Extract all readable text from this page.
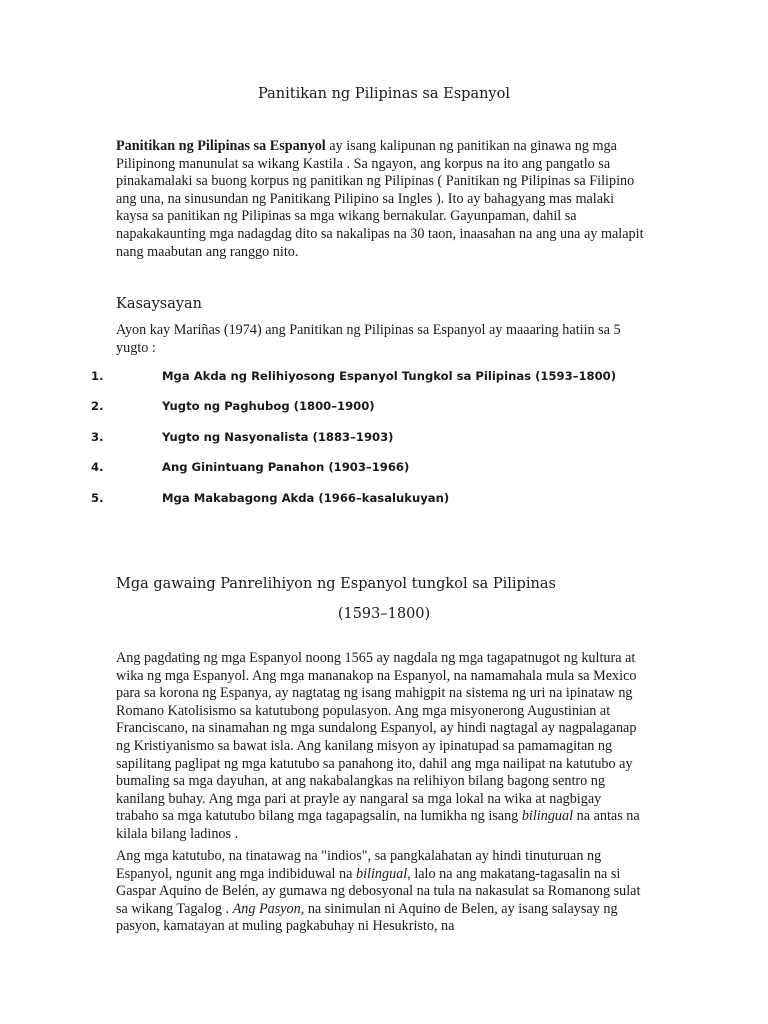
Panitikan ng Pilipinas sa Espanyol

Panitikan ng Pilipinas sa Espanyol ay isang kalipunan ng panitikan na ginawa ng mga Pilipinong manunulat sa wikang Kastila . Sa ngayon, ang korpus na ito ang pangatlo sa pinakamalaki sa buong korpus ng panitikan ng Pilipinas ( Panitikan ng Pilipinas sa Filipino ang una, na sinusundan ng Panitikang Pilipino sa Ingles ). Ito ay bahagyang mas malaki kaysa sa panitikan ng Pilipinas sa mga wikang bernakular. Gayunpaman, dahil sa napakakaunting mga nadagdag dito sa nakalipas na 30 taon, inaasahan na ang una ay malapit nang maabutan ang ranggo nito.

Kasaysayan

Ayon kay Mariñas (1974) ang Panitikan ng Pilipinas sa Espanyol ay maaaring hatiin sa 5 yugto :

1.	Mga Akda ng Relihiyosong Espanyol Tungkol sa Pilipinas (1593–1800)
2.	Yugto ng Paghubog (1800–1900)
3.	Yugto ng Nasyonalista (1883–1903)
4.	Ang Ginintuang Panahon (1903–1966)
5.	Mga Makabagong Akda (1966–kasalukuyan)
Mga gawaing Panrelihiyon ng Espanyol tungkol sa Pilipinas
(1593–1800)

Ang pagdating ng mga Espanyol noong 1565 ay nagdala ng mga tagapatnugot ng kultura at wika ng mga Espanyol. Ang mga mananakop na Espanyol, na namamahala mula sa Mexico para sa korona ng Espanya, ay nagtatag ng isang mahigpit na sistema ng uri na ipinataw ng Romano Katolisismo sa katutubong populasyon. Ang mga misyonerong Augustinian at Franciscano, na sinamahan ng mga sundalong Espanyol, ay hindi nagtagal ay nagpalaganap ng Kristiyanismo sa bawat isla. Ang kanilang misyon ay ipinatupad sa pamamagitan ng sapilitang paglipat ng mga katutubo sa panahong ito, dahil ang mga nailipat na katutubo ay bumaling sa mga dayuhan, at ang nakabalangkas na relihiyon bilang bagong sentro ng kanilang buhay. Ang mga pari at prayle ay nangaral sa mga lokal na wika at nagbigay trabaho sa mga katutubo bilang mga tagapagsalin, na lumikha ng isang bilingual na antas na kilala bilang ladinos .

Ang mga katutubo, na tinatawag na "indios", sa pangkalahatan ay hindi tinuturuan ng Espanyol, ngunit ang mga indibiduwal na bilingual, lalo na ang makatang-tagasalin na si Gaspar Aquino de Belén, ay gumawa ng debosyonal na tula na nakasulat sa Romanong sulat sa wikang Tagalog . Ang Pasyon, na sinimulan ni Aquino de Belen, ay isang salaysay ng pasyon, kamatayan at muling pagkabuhay ni Hesukristo, na
